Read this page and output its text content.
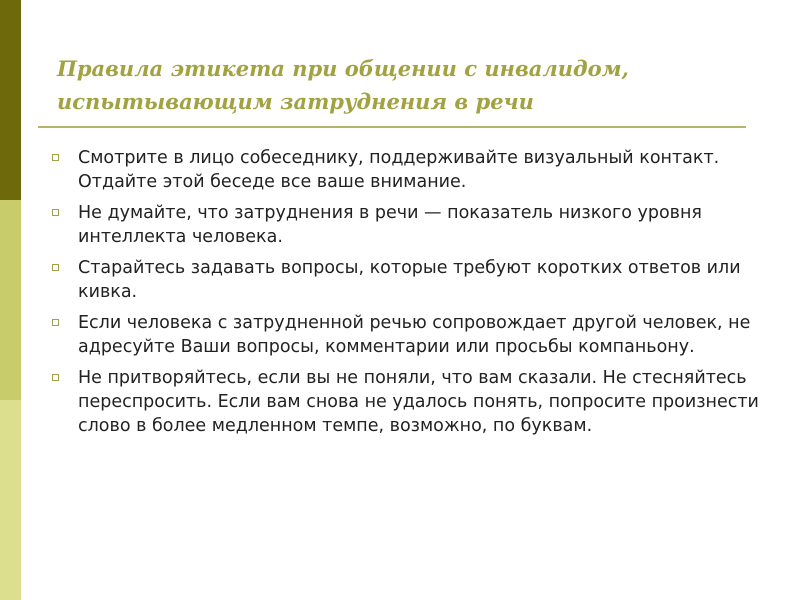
Правила этикета при общении с инвалидом, испытывающим затруднения в речи
Смотрите в лицо собеседнику, поддерживайте визуальный контакт. Отдайте этой беседе все ваше внимание.
Не думайте, что затруднения в речи — показатель низкого уровня интеллекта человека.
Старайтесь задавать вопросы, которые требуют коротких ответов или кивка.
Если человека с затрудненной речью сопровождает другой человек, не адресуйте Ваши вопросы, комментарии или просьбы компаньону.
Не притворяйтесь, если вы не поняли, что вам сказали. Не стесняйтесь переспросить. Если вам снова не удалось понять, попросите произнести слово в более медленном темпе, возможно, по буквам.
